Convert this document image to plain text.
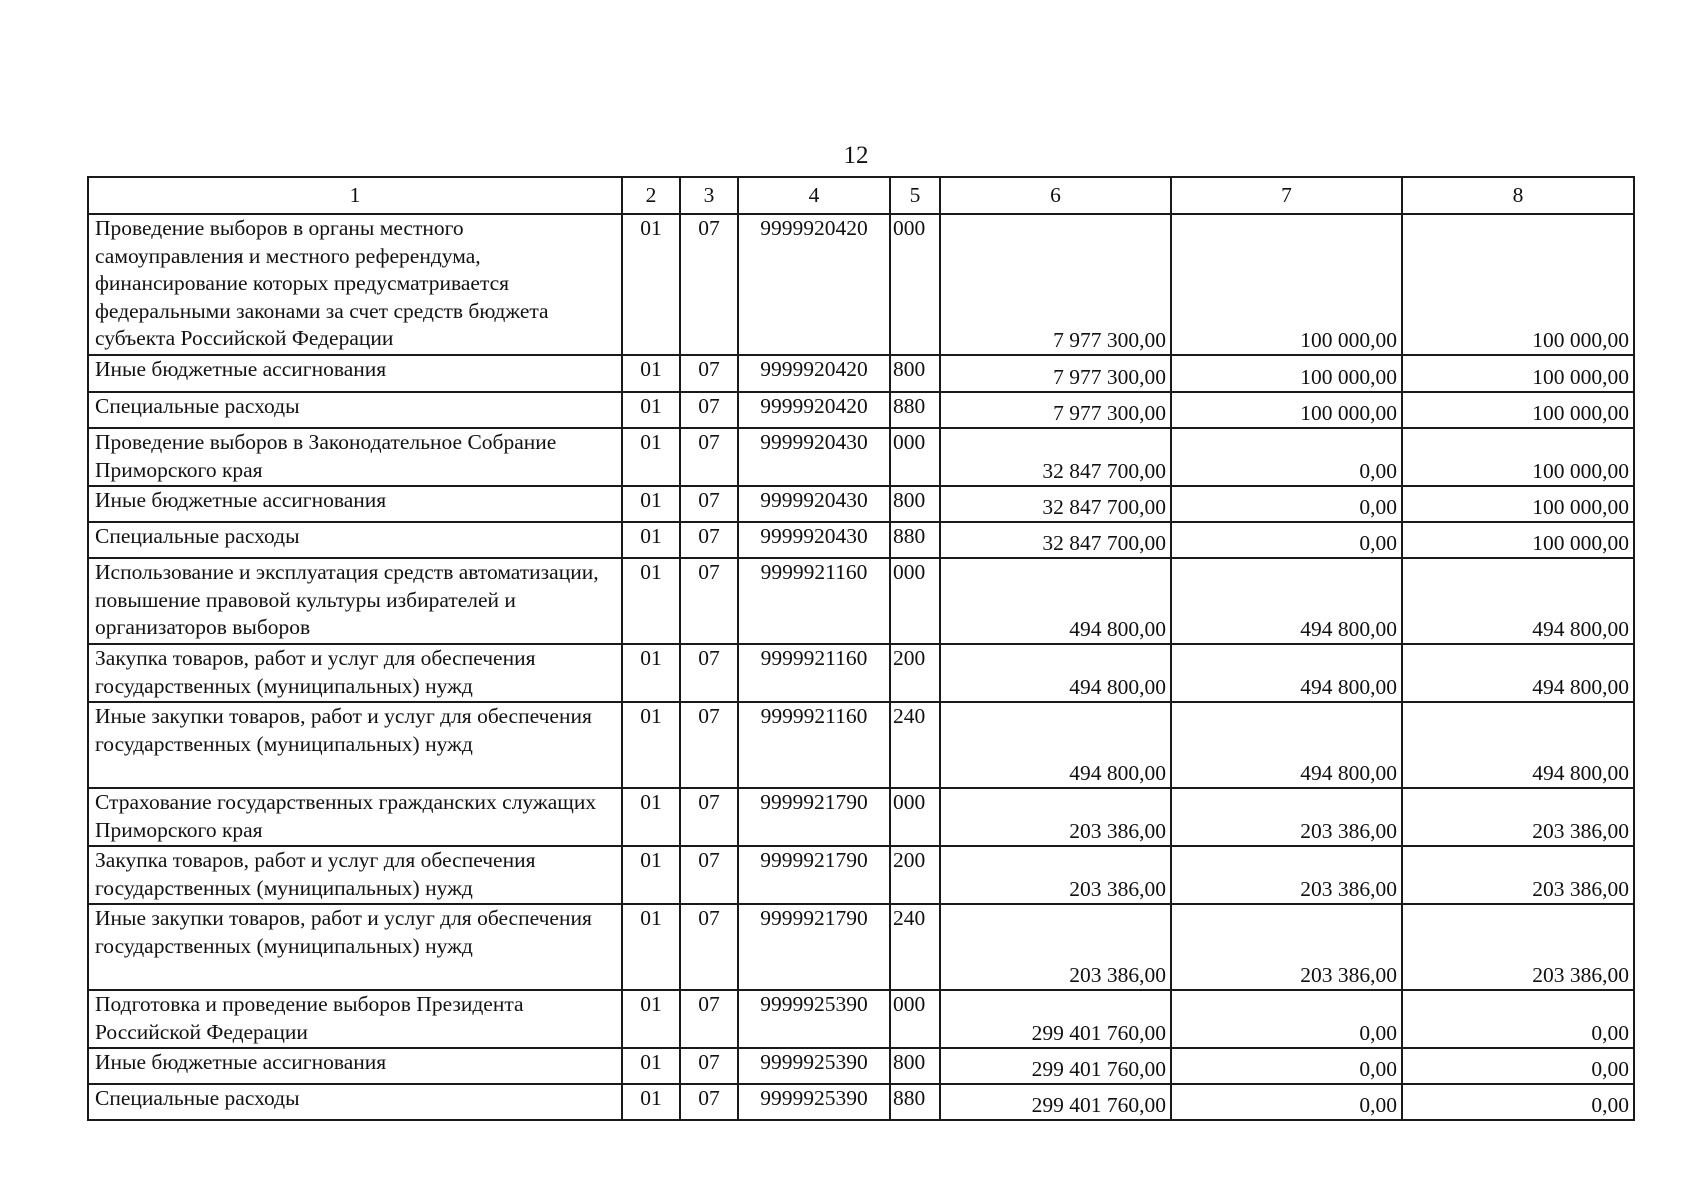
12
1	2	3	4	5	6	7	8
Проведение выборов в органы местного самоуправления и местного референдума, финансирование которых предусматривается федеральными законами за счет средств бюджета субъекта Российской Федерации	01	07	9999920420	000	7 977 300,00	100 000,00	100 000,00
Иные бюджетные ассигнования	01	07	9999920420	800	7 977 300,00	100 000,00	100 000,00
Специальные расходы	01	07	9999920420	880	7 977 300,00	100 000,00	100 000,00
Проведение выборов в Законодательное Собрание Приморского края	01	07	9999920430	000	32 847 700,00	0,00	100 000,00
Иные бюджетные ассигнования	01	07	9999920430	800	32 847 700,00	0,00	100 000,00
Специальные расходы	01	07	9999920430	880	32 847 700,00	0,00	100 000,00
Использование и эксплуатация средств автоматизации, повышение правовой культуры избирателей и организаторов выборов	01	07	9999921160	000	494 800,00	494 800,00	494 800,00
Закупка товаров, работ и услуг для обеспечения государственных (муниципальных) нужд	01	07	9999921160	200	494 800,00	494 800,00	494 800,00
Иные закупки товаров, работ и услуг для обеспечения государственных (муниципальных) нужд	01	07	9999921160	240	494 800,00	494 800,00	494 800,00
Страхование государственных гражданских служащих Приморского края	01	07	9999921790	000	203 386,00	203 386,00	203 386,00
Закупка товаров, работ и услуг для обеспечения государственных (муниципальных) нужд	01	07	9999921790	200	203 386,00	203 386,00	203 386,00
Иные закупки товаров, работ и услуг для обеспечения государственных (муниципальных) нужд	01	07	9999921790	240	203 386,00	203 386,00	203 386,00
Подготовка и проведение выборов Президента Российской Федерации	01	07	9999925390	000	299 401 760,00	0,00	0,00
Иные бюджетные ассигнования	01	07	9999925390	800	299 401 760,00	0,00	0,00
Специальные расходы	01	07	9999925390	880	299 401 760,00	0,00	0,00
